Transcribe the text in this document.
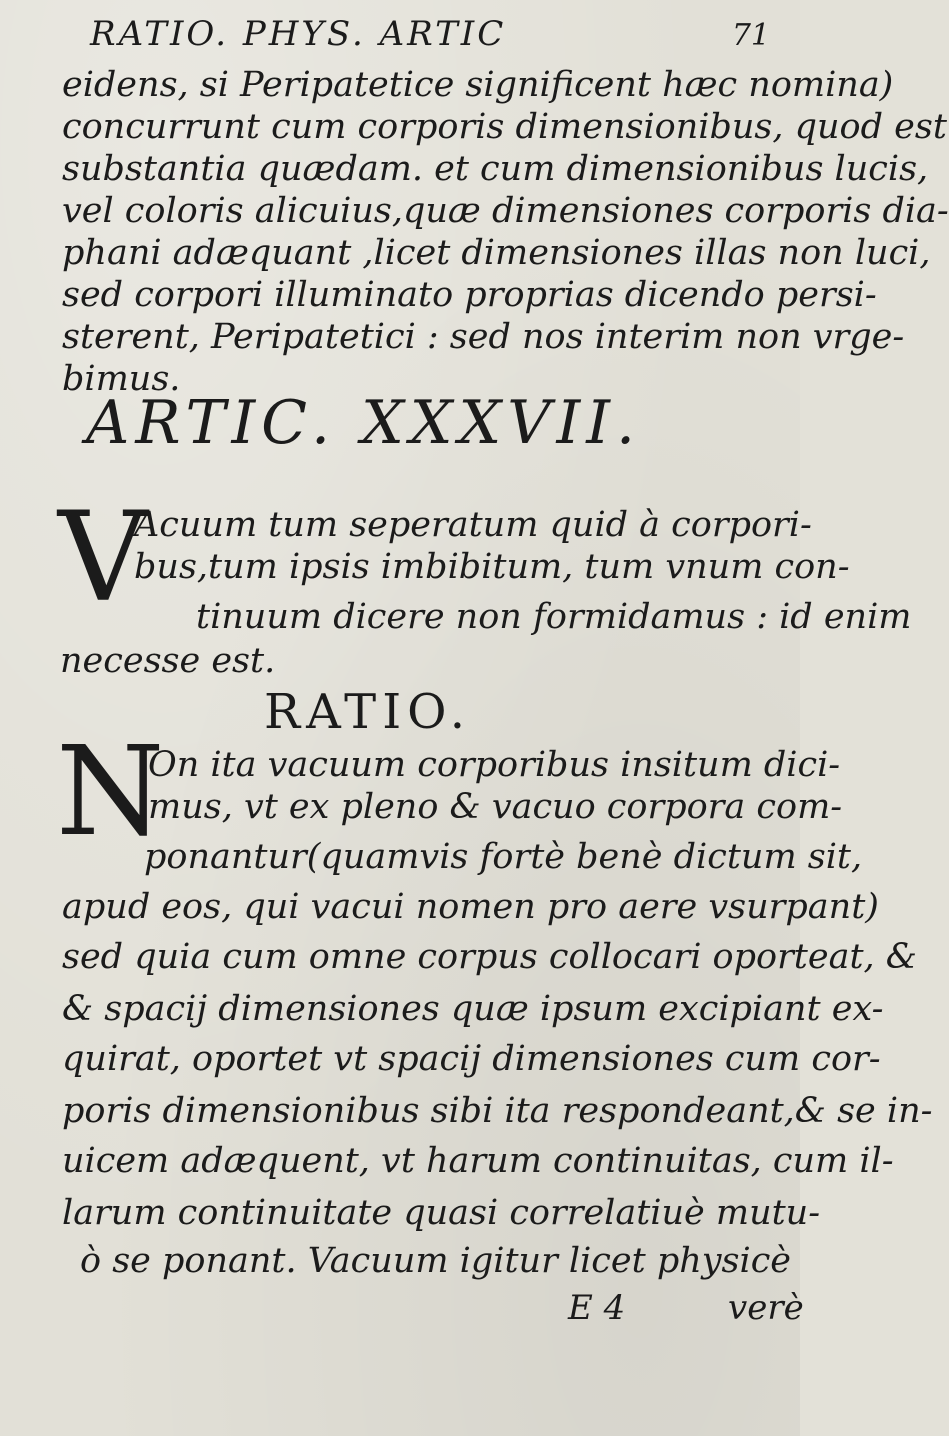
RATIO. PHYS. ARTIC	71
eidens, si Peripatetice significent hæc nomina)
concurrunt cum corporis dimensionibus, quod est
substantia quædam. et cum dimensionibus lucis,
vel coloris alicuius,quæ dimensiones corporis dia-
phani adæquant ,licet dimensiones illas non luci,
sed corpori illuminato proprias dicendo persi-
sterent, Peripatetici : sed nos interim non vrge-
bimus.
ARTIC. XXXVII.
V
Acuum tum seperatum quid à corpori-
bus,tum ipsis imbibitum, tum vnum con-
tinuum dicere non formidamus : id enim
necesse est.
RATIO.
N
On ita vacuum corporibus insitum dici-
mus, vt ex pleno & vacuo corpora com-
ponantur(quamvis fortè benè dictum sit,
apud eos, qui vacui nomen pro aere vsurpant)
sed quia cum omne corpus collocari oporteat, &
& spacij dimensiones quæ ipsum excipiant ex-
quirat, oportet vt spacij dimensiones cum cor-
poris dimensionibus sibi ita respondeant,& se in-
uicem adæquent, vt harum continuitas, cum il-
larum continuitate quasi correlatiuè mutu-
ò se ponant. Vacuum igitur licet physicè
E 4	verè
